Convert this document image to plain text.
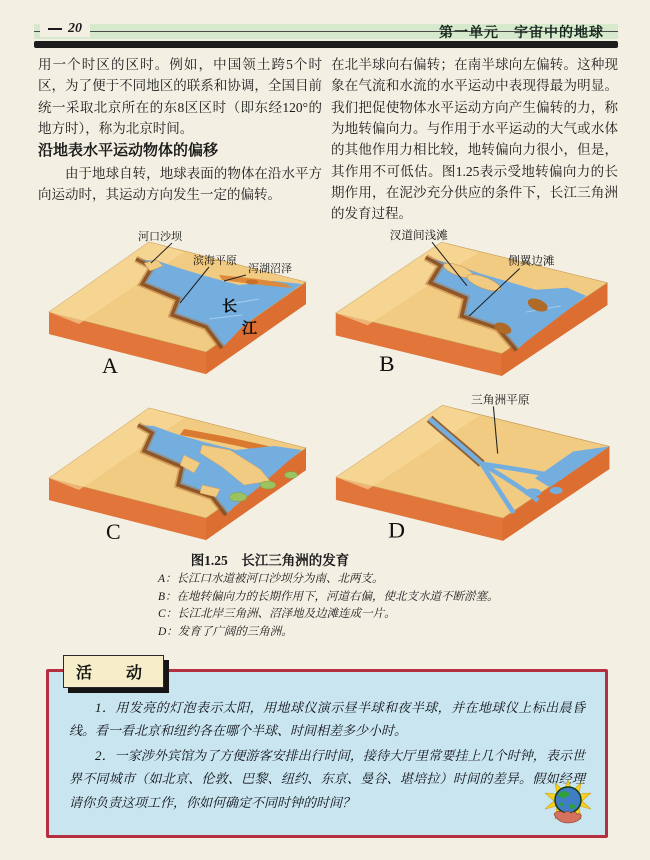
20	第一单元　宇宙中的地球

用一个时区的区时。例如，中国领土跨5个时区，为了便于不同地区的联系和协调，全国目前统一采取北京所在的东8区区时（即东经120°的地方时），称为北京时间。

沿地表水平运动物体的偏移

由于地球自转，地球表面的物体在沿水平方向运动时，其运动方向发生一定的偏转。

在北半球向右偏转；在南半球向左偏转。这种现象在气流和水流的水平运动中表现得最为明显。我们把促使物体水平运动方向产生偏转的力，称为地转偏向力。与作用于水平运动的大气或水体的其他作用力相比较，地转偏向力很小，但是，其作用不可低估。图1.25表示受地转偏向力的长期作用，在泥沙充分供应的条件下，长江三角洲的发育过程。

河口沙坝
滨海平原
泻湖沼泽
长
江
A
汊道间浅滩
侧翼边滩
B
C
三角洲平原
D
图1.25　长江三角洲的发育
A：长江口水道被河口沙坝分为南、北两支。
B：在地转偏向力的长期作用下，河道右偏，使北支水道不断淤塞。
C：长江北岸三角洲、沼泽地及边滩连成一片。
D：发育了广阔的三角洲。
活　动

1．用发亮的灯泡表示太阳，用地球仪演示昼半球和夜半球，并在地球仪上标出晨昏线。看一看北京和纽约各在哪个半球、时间相差多少小时。

2．一家涉外宾馆为了方便游客安排出行时间，接待大厅里常要挂上几个时钟，表示世界不同城市（如北京、伦敦、巴黎、纽约、东京、曼谷、堪培拉）时间的差异。假如经理请你负责这项工作，你如何确定不同时钟的时间？
